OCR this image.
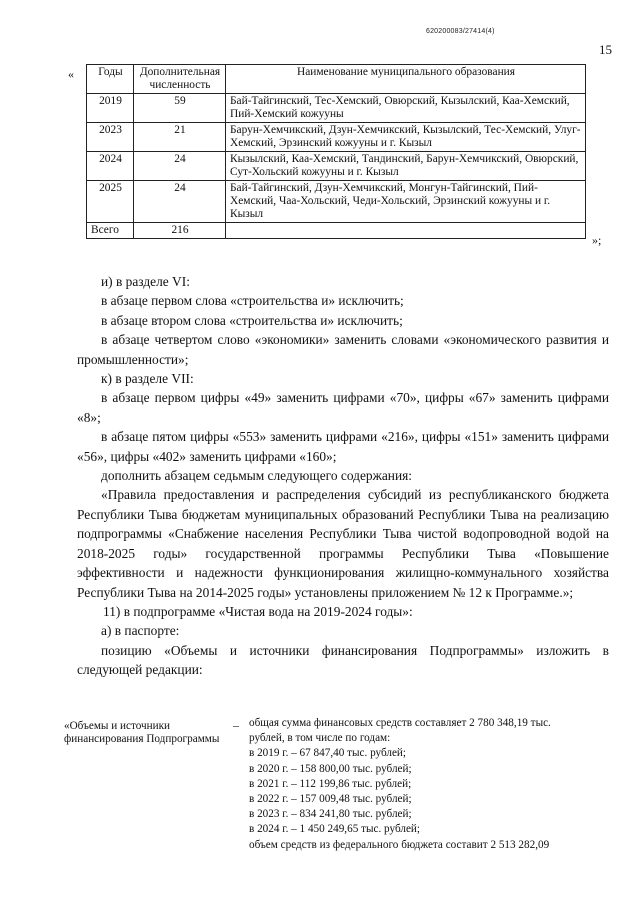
620200083/27414(4)
15
« Годы	Дополнительная численность	Наименование муниципального образования
2019	59	Бай-Тайгинский, Тес-Хемский, Овюрский, Кызылский, Каа-Хемский, Пий-Хемский кожууны
2023	21	Барун-Хемчикский, Дзун-Хемчикский, Кызылский, Тес-Хемский, Улуг-Хемский, Эрзинский кожууны и г. Кызыл
2024	24	Кызылский, Каа-Хемский, Тандинский, Барун-Хемчикский, Овюрский, Сут-Хольский кожууны и г. Кызыл
2025	24	Бай-Тайгинский, Дзун-Хемчикский, Монгун-Тайгинский, Пий-Хемский, Чаа-Хольский, Чеди-Хольский, Эрзинский кожууны и г. Кызыл
Всего	216	
»;

и) в разделе VI:

в абзаце первом слова «строительства и» исключить;

в абзаце втором слова «строительства и» исключить;

в абзаце четвертом слово «экономики» заменить словами «экономического развития и промышленности»;

к) в разделе VII:

в абзаце первом цифры «49» заменить цифрами «70», цифры «67» заменить цифрами «8»;

в абзаце пятом цифры «553» заменить цифрами «216», цифры «151» заменить цифрами «56», цифры «402» заменить цифрами «160»;

дополнить абзацем седьмым следующего содержания:

«Правила предоставления и распределения субсидий из республиканского бюджета Республики Тыва бюджетам муниципальных образований Республики Тыва на реализацию подпрограммы «Снабжение населения Республики Тыва чистой водопроводной водой на 2018-2025 годы» государственной программы Республики Тыва «Повышение эффективности и надежности функционирования жилищно-коммунального хозяйства Республики Тыва на 2014-2025 годы» установлены приложением № 12 к Программе.»;

11) в подпрограмме «Чистая вода на 2019-2024 годы»:

а) в паспорте:

позицию «Объемы и источники финансирования Подпрограммы» изложить в следующей редакции:

«Объемы и источники финансирования Подпрограммы
– общая сумма финансовых средств составляет 2 780 348,19 тыс.
рублей, в том числе по годам:
в 2019 г. – 67 847,40 тыс. рублей;
в 2020 г. – 158 800,00 тыс. рублей;
в 2021 г. – 112 199,86 тыс. рублей;
в 2022 г. – 157 009,48 тыс. рублей;
в 2023 г. – 834 241,80 тыс. рублей;
в 2024 г. – 1 450 249,65 тыс. рублей;
объем средств из федерального бюджета составит 2 513 282,09
